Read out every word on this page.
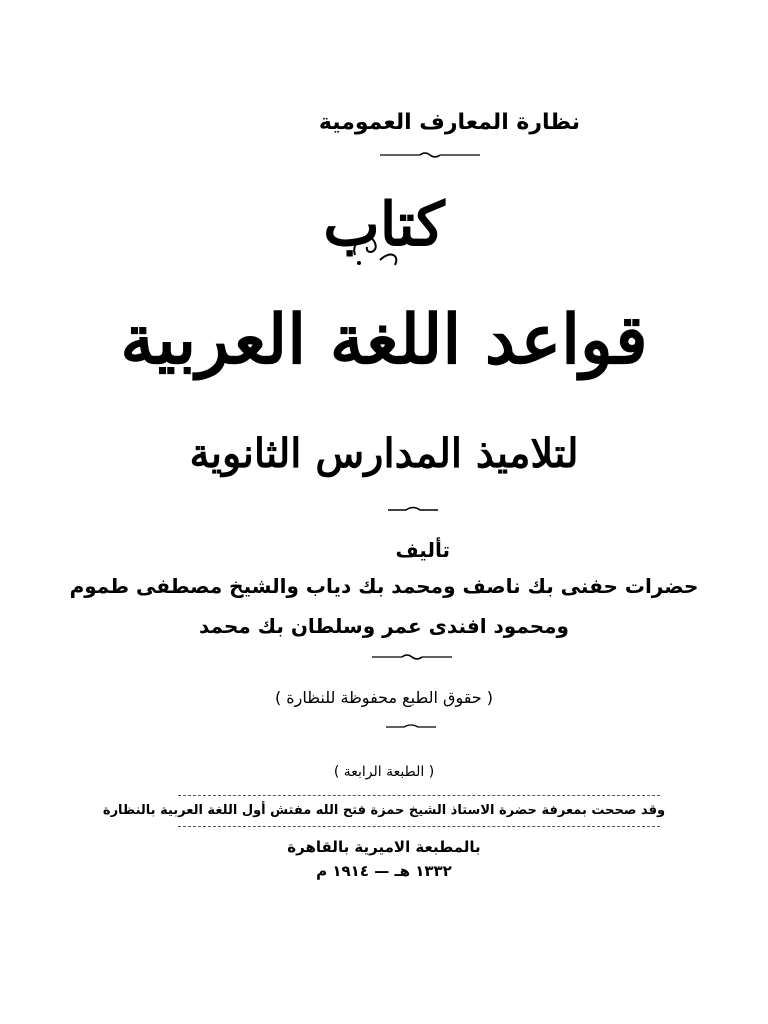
نظارة المعارف العمومية
كتاب
قواعد اللغة العربية
لتلاميذ المدارس الثانوية
تأليف
حضرات حفنى بك ناصف ومحمد بك دياب والشيخ مصطفى طموم
ومحمود افندى عمر وسلطان بك محمد
( حقوق الطبع محفوظة للنظارة )
( الطبعة الرابعة )
وقد صححت بمعرفة حضرة الاستاذ الشيخ حمزة فتح الله مفتش أول اللغة العربية بالنظارة
بالمطبعة الاميرية بالقاهرة
١٣٣٢ هـ — ١٩١٤ م
